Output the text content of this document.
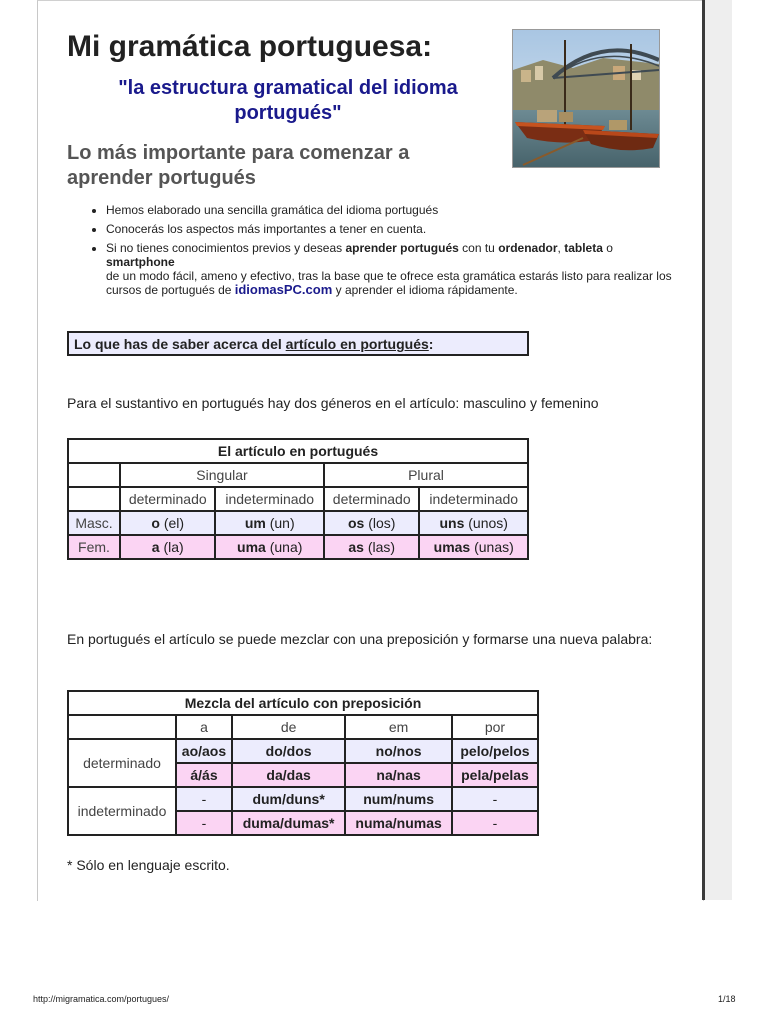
Mi gramática portuguesa:

"la estructura gramatical del idioma portugués"

Lo más importante para comenzar a aprender portugués
• Hemos elaborado una sencilla gramática del idioma portugués
• Conocerás los aspectos más importantes a tener en cuenta.
• Si no tienes conocimientos previos y deseas aprender portugués con tu ordenador, tableta o
smartphone
de un modo fácil, ameno y efectivo, tras la base que te ofrece esta gramática estarás listo para realizar los cursos de portugués de idiomasPC.com y aprender el idioma rápidamente.
Lo que has de saber acerca del artículo en portugués:

Para el sustantivo en portugués hay dos géneros en el artículo: masculino y femenino

El artículo en portugués				
	Singular		Plural	
	determinado	indeterminado	determinado	indeterminado
Masc.	o (el)	um (un)	os (los)	uns (unos)
Fem.	a (la)	uma (una)	as (las)	umas (unas)

En portugués el artículo se puede mezclar con una preposición y formarse una nueva palabra:

Mezcla del artículo con preposición				
	a	de	em	por
determinado	ao/aos	do/dos	no/nos	pelo/pelos
	á/ás	da/das	na/nas	pela/pelas
indeterminado	-	dum/duns*	num/nums	-
	-	duma/dumas*	numa/numas	-

* Sólo en lenguaje escrito.

http://migramatica.com/portugues/	1/18
